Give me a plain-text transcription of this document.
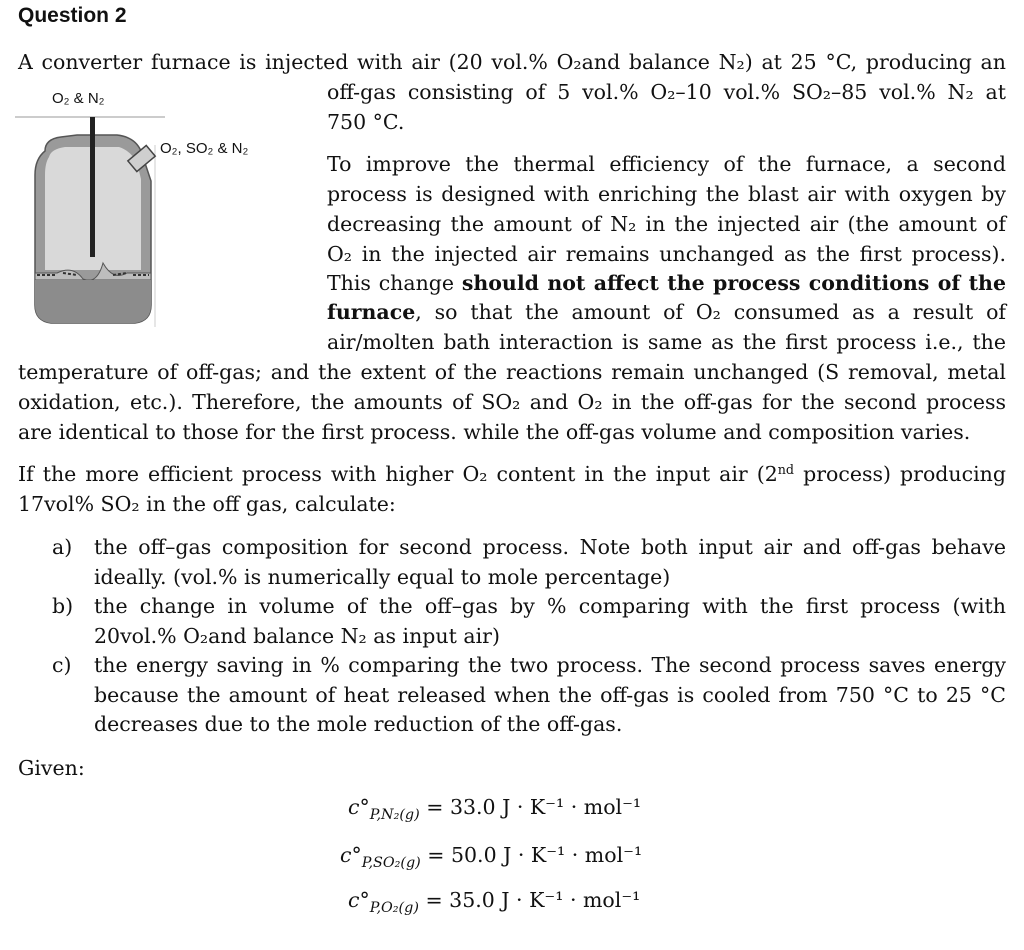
Question 2
A converter furnace is injected with air (20 vol.% O₂and balance N₂) at 25 °C, producing an
off-gas consisting of 5 vol.% O₂–10 vol.% SO₂–85 vol.% N₂ at
750 °C.
O₂ & N₂
O₂, SO₂ & N₂
To improve the thermal efficiency of the furnace, a second
process is designed with enriching the blast air with oxygen by
decreasing the amount of N₂ in the injected air (the amount of
O₂ in the injected air remains unchanged as the first process).
This change should not affect the process conditions of the
furnace, so that the amount of O₂ consumed as a result of
air/molten bath interaction is same as the first process i.e., the
temperature of off-gas; and the extent of the reactions remain unchanged (S removal, metal
oxidation, etc.). Therefore, the amounts of SO₂ and O₂ in the off-gas for the second process
are identical to those for the first process. while the off-gas volume and composition varies.
If the more efficient process with higher O₂ content in the input air (2nd process) producing
17vol% SO₂ in the off gas, calculate:
a) the off–gas composition for second process. Note both input air and off-gas behave
ideally. (vol.% is numerically equal to mole percentage)
b) the change in volume of the off–gas by % comparing with the first process (with
20vol.% O₂and balance N₂ as input air)
c) the energy saving in % comparing the two process. The second process saves energy
because the amount of heat released when the off-gas is cooled from 750 °C to 25 °C
decreases due to the mole reduction of the off-gas.
Given:
$c^\circ_{P,N_2(g)} = 33.0$ J · K⁻¹ · mol⁻¹
$c^\circ_{P,SO_2(g)} = 50.0$ J · K⁻¹ · mol⁻¹
$c^\circ_{P,O_2(g)} = 35.0$ J · K⁻¹ · mol⁻¹
